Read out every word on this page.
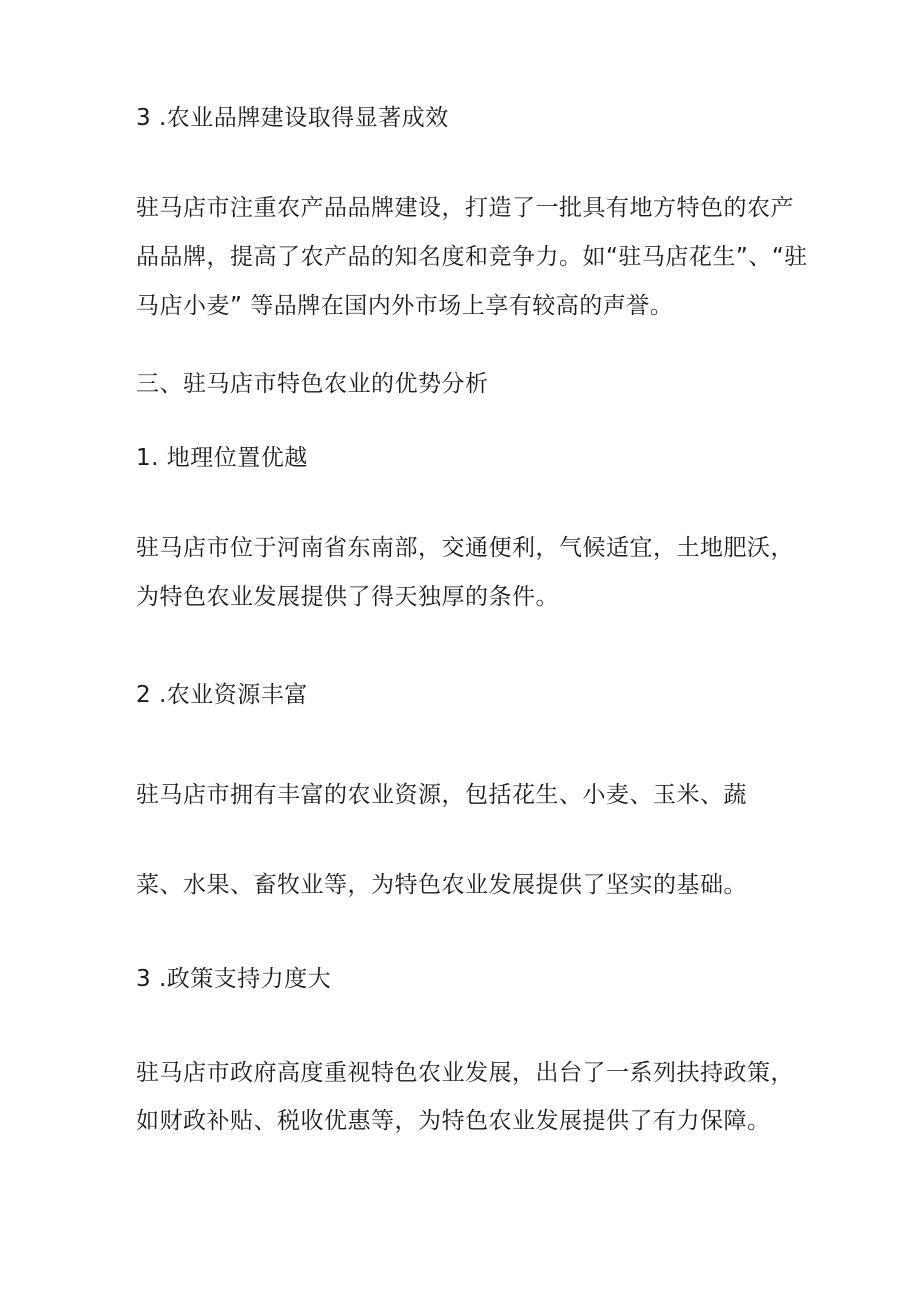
3 .农业品牌建设取得显著成效
驻马店市注重农产品品牌建设，打造了一批具有地方特色的农产
品品牌，提高了农产品的知名度和竞争力。如“驻马店花生”、“驻
马店小麦” 等品牌在国内外市场上享有较高的声誉。
三、驻马店市特色农业的优势分析
1. 地理位置优越
驻马店市位于河南省东南部，交通便利，气候适宜，土地肥沃，
为特色农业发展提供了得天独厚的条件。
2 .农业资源丰富
驻马店市拥有丰富的农业资源，包括花生、小麦、玉米、蔬
菜、水果、畜牧业等，为特色农业发展提供了坚实的基础。
3 .政策支持力度大
驻马店市政府高度重视特色农业发展，出台了一系列扶持政策，
如财政补贴、税收优惠等，为特色农业发展提供了有力保障。
